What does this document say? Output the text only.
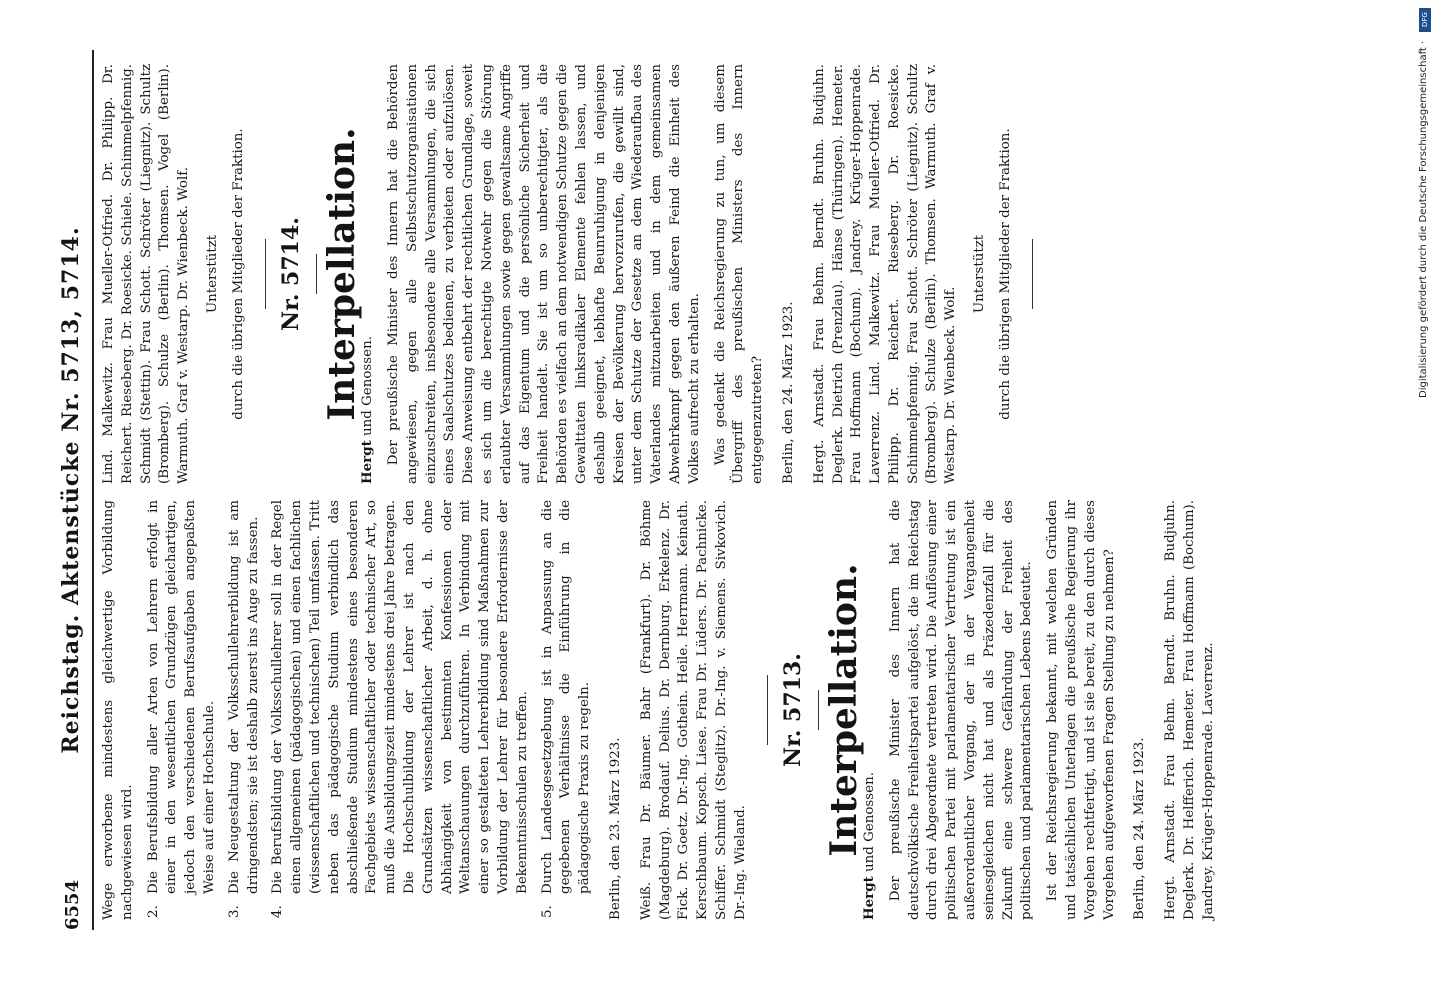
6554
Reichstag. Aktenstücke Nr. 5713, 5714. Wege erworbene mindestens gleichwertige Vorbildung nachgewiesen wird. 2.
Die Berufsbildung aller Arten von Lehrern erfolgt in einer in den wesentlichen Grundzügen gleichartigen, jedoch den verschiedenen Berufsaufgaben angepaßten Weise auf einer Hochschule.
3.
Die Neugestaltung der Volksschullehrerbildung ist am dringendsten; sie ist deshalb zuerst ins Auge zu fassen.
4.
Die Berufsbildung der Volksschullehrer soll in der Regel einen allgemeinen (pädagogischen) und einen fachlichen (wissenschaftlichen und technischen) Teil umfassen. Tritt neben das pädagogische Studium verbindlich das abschließende Studium mindestens eines besonderen Fachgebiets wissenschaftlicher oder technischer Art, so muß die Ausbildungszeit mindestens drei Jahre betragen. Die Hochschulbildung der Lehrer ist nach den Grundsätzen wissenschaftlicher Arbeit, d. h. ohne Abhängigkeit von bestimmten Konfessionen oder Weltanschauungen durchzuführen. In Verbindung mit einer so gestalteten Lehrerbildung sind Maßnahmen zur Vorbildung der Lehrer für besondere Erfordernisse der Bekenntnisschulen zu treffen.
5.
Durch Landesgesetzgebung ist in Anpassung an die gegebenen Verhältnisse die Einführung in die pädagogische Praxis zu regeln. Berlin, den 23. März 1923. Weiß. Frau Dr. Bäumer. Bahr (Frankfurt). Dr. Böhme (Magdeburg). Brodauf. Delius. Dr. Dernburg. Erkelenz. Dr. Fick. Dr. Goetz. Dr.-Ing. Gothein. Heile. Herrmann. Keinath. Kerschbaum. Kopsch. Liese. Frau Dr. Lüders. Dr. Pachnicke. Schiffer. Schmidt (Steglitz). Dr.-Ing. v. Siemens. Sivkovich. Dr.-Ing. Wieland.

Nr. 5713. Interpellation.

Hergt und Genossen. Der preußische Minister des Innern hat die deutschvölkische Freiheitspartei aufgelöst, die im Reichstag durch drei Abgeordnete vertreten wird. Die Auflösung einer politischen Partei mit parlamentarischer Vertretung ist ein außerordentlicher Vorgang, der in der Vergangenheit seinesgleichen nicht hat und als Präzedenzfall für die Zukunft eine schwere Gefährdung der Freiheit des politischen und parlamentarischen Lebens bedeutet. Ist der Reichsregierung bekannt, mit welchen Gründen und tatsächlichen Unterlagen die preußische Regierung ihr Vorgehen rechtfertigt, und ist sie bereit, zu den durch dieses Vorgehen aufgeworfenen Fragen Stellung zu nehmen? Berlin, den 24. März 1923. Hergt. Arnstadt. Frau Behm. Berndt. Bruhn. Budjuhn. Deglerk. Dr. Helfferich. Hemeter. Frau Hoffmann (Bochum). Jandrey. Krüger-Hoppenrade. Laverrenz.

Lind. Malkewitz. Frau Mueller-Otfried. Dr. Philipp. Dr. Reichert. Rieseberg. Dr. Roesicke. Schiele. Schimmelpfennig. Schmidt (Stettin). Frau Schott. Schröter (Liegnitz). Schultz (Bromberg). Schulze (Berlin). Thomsen. Vogel (Berlin). Warmuth. Graf v. Westarp. Dr. Wienbeck. Wolf. Unterstützt durch die übrigen Mitglieder der Fraktion. Nr. 5714. Interpellation.

Hergt und Genossen. Der preußische Minister des Innern hat die Behörden angewiesen, gegen alle Selbstschutzorganisationen einzuschreiten, insbesondere alle Versammlungen, die sich eines Saalschutzes bedienen, zu verbieten oder aufzulösen. Diese Anweisung entbehrt der rechtlichen Grundlage, soweit es sich um die berechtigte Notwehr gegen die Störung erlaubter Versammlungen sowie gegen gewaltsame Angriffe auf das Eigentum und die persönliche Sicherheit und Freiheit handelt. Sie ist um so unberechtigter, als die Behörden es vielfach an dem notwendigen Schutze gegen die Gewalttaten linksradikaler Elemente fehlen lassen, und deshalb geeignet, lebhafte Beunruhigung in denjenigen Kreisen der Bevölkerung hervorzurufen, die gewillt sind, unter dem Schutze der Gesetze an dem Wiederaufbau des Vaterlandes mitzuarbeiten und in dem gemeinsamen Abwehrkampf gegen den äußeren Feind die Einheit des Volkes aufrecht zu erhalten. Was gedenkt die Reichsregierung zu tun, um diesem Übergriff des preußischen Ministers des Innern entgegenzutreten? Berlin, den 24. März 1923. Hergt. Arnstadt. Frau Behm. Berndt. Bruhn. Budjuhn. Deglerk. Dietrich (Prenzlau). Hänse (Thüringen). Hemeter. Frau Hoffmann (Bochum). Jandrey. Krüger-Hoppenrade. Laverrenz. Lind. Malkewitz. Frau Mueller-Otfried. Dr. Philipp. Dr. Reichert. Rieseberg. Dr. Roesicke. Schimmelpfennig. Frau Schott. Schröter (Liegnitz). Schultz (Bromberg). Schulze (Berlin). Thomsen. Warmuth. Graf v. Westarp. Dr. Wienbeck. Wolf.

Unterstützt durch die übrigen Mitglieder der Fraktion.

DFG
Digitalisierung gefördert durch die Deutsche Forschungsgemeinschaft ·
